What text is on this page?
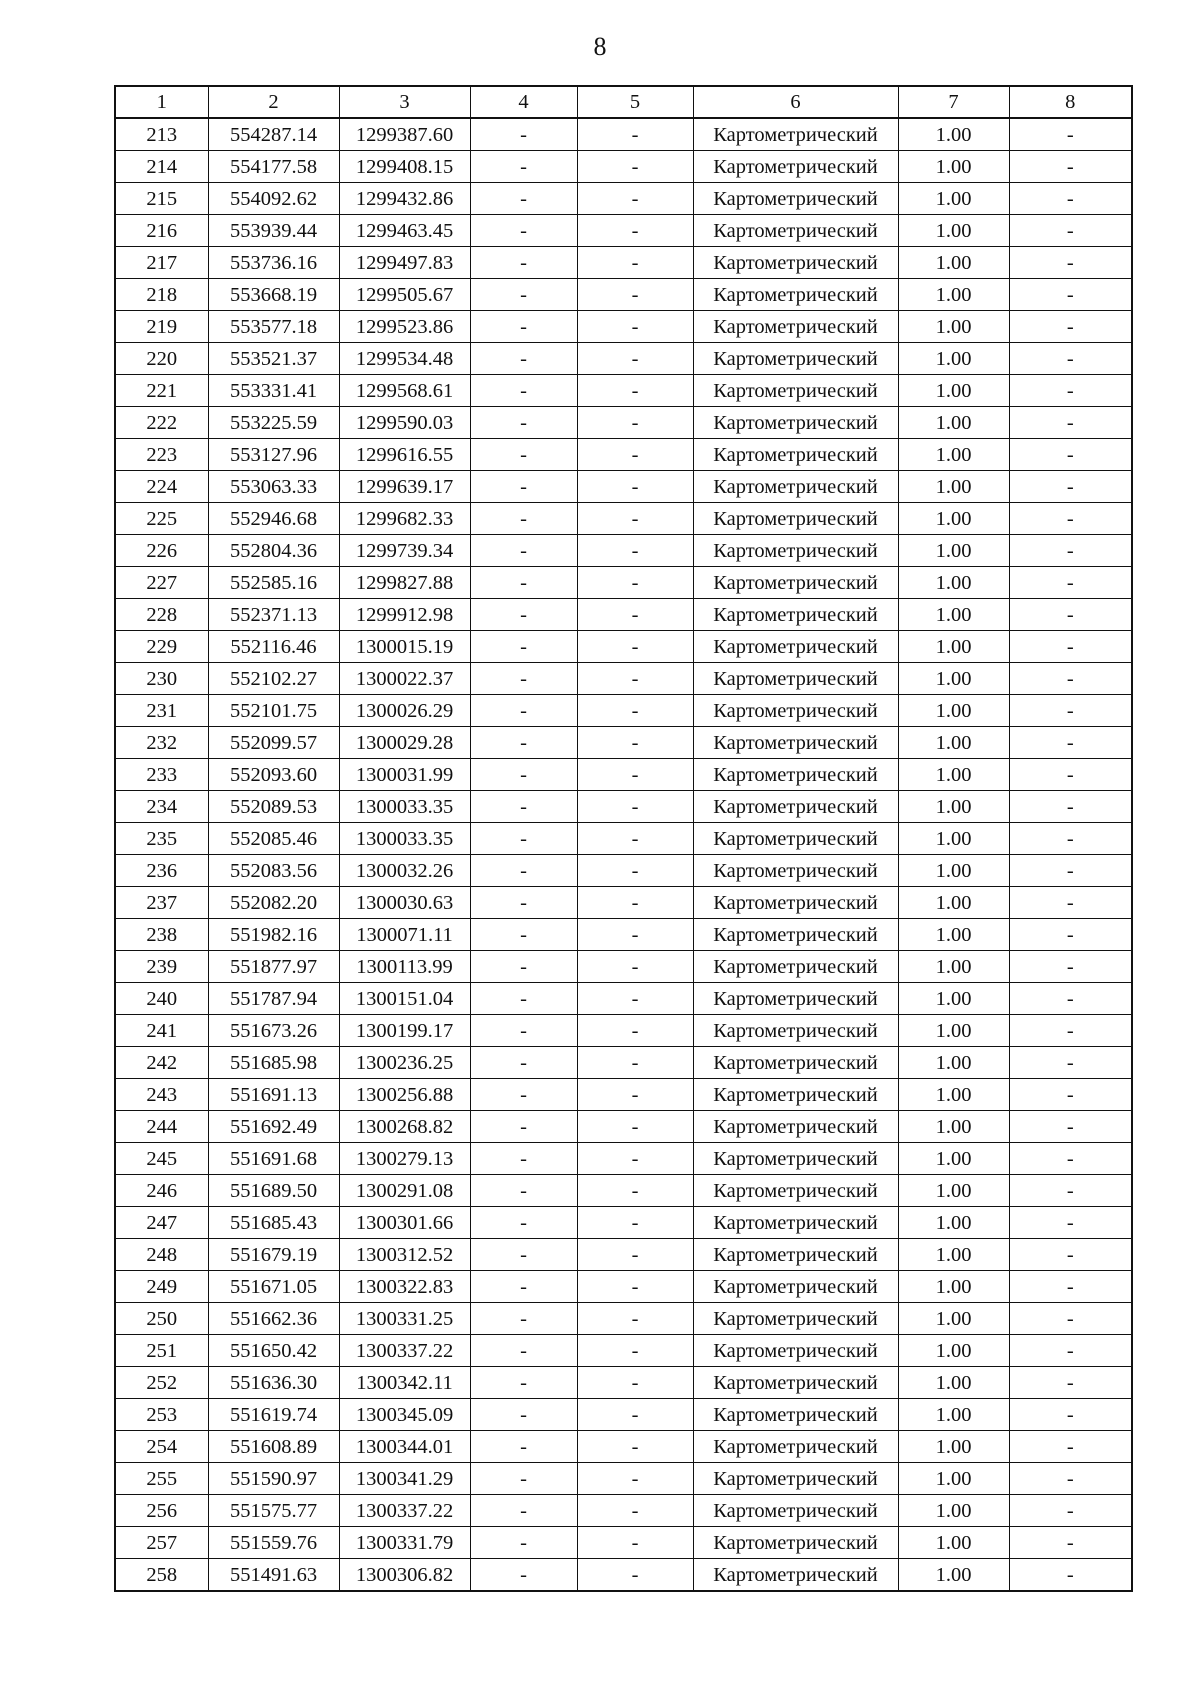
8
1	2	3	4	5	6	7	8
213	554287.14	1299387.60	-	-	Картометрический	1.00	-
214	554177.58	1299408.15	-	-	Картометрический	1.00	-
215	554092.62	1299432.86	-	-	Картометрический	1.00	-
216	553939.44	1299463.45	-	-	Картометрический	1.00	-
217	553736.16	1299497.83	-	-	Картометрический	1.00	-
218	553668.19	1299505.67	-	-	Картометрический	1.00	-
219	553577.18	1299523.86	-	-	Картометрический	1.00	-
220	553521.37	1299534.48	-	-	Картометрический	1.00	-
221	553331.41	1299568.61	-	-	Картометрический	1.00	-
222	553225.59	1299590.03	-	-	Картометрический	1.00	-
223	553127.96	1299616.55	-	-	Картометрический	1.00	-
224	553063.33	1299639.17	-	-	Картометрический	1.00	-
225	552946.68	1299682.33	-	-	Картометрический	1.00	-
226	552804.36	1299739.34	-	-	Картометрический	1.00	-
227	552585.16	1299827.88	-	-	Картометрический	1.00	-
228	552371.13	1299912.98	-	-	Картометрический	1.00	-
229	552116.46	1300015.19	-	-	Картометрический	1.00	-
230	552102.27	1300022.37	-	-	Картометрический	1.00	-
231	552101.75	1300026.29	-	-	Картометрический	1.00	-
232	552099.57	1300029.28	-	-	Картометрический	1.00	-
233	552093.60	1300031.99	-	-	Картометрический	1.00	-
234	552089.53	1300033.35	-	-	Картометрический	1.00	-
235	552085.46	1300033.35	-	-	Картометрический	1.00	-
236	552083.56	1300032.26	-	-	Картометрический	1.00	-
237	552082.20	1300030.63	-	-	Картометрический	1.00	-
238	551982.16	1300071.11	-	-	Картометрический	1.00	-
239	551877.97	1300113.99	-	-	Картометрический	1.00	-
240	551787.94	1300151.04	-	-	Картометрический	1.00	-
241	551673.26	1300199.17	-	-	Картометрический	1.00	-
242	551685.98	1300236.25	-	-	Картометрический	1.00	-
243	551691.13	1300256.88	-	-	Картометрический	1.00	-
244	551692.49	1300268.82	-	-	Картометрический	1.00	-
245	551691.68	1300279.13	-	-	Картометрический	1.00	-
246	551689.50	1300291.08	-	-	Картометрический	1.00	-
247	551685.43	1300301.66	-	-	Картометрический	1.00	-
248	551679.19	1300312.52	-	-	Картометрический	1.00	-
249	551671.05	1300322.83	-	-	Картометрический	1.00	-
250	551662.36	1300331.25	-	-	Картометрический	1.00	-
251	551650.42	1300337.22	-	-	Картометрический	1.00	-
252	551636.30	1300342.11	-	-	Картометрический	1.00	-
253	551619.74	1300345.09	-	-	Картометрический	1.00	-
254	551608.89	1300344.01	-	-	Картометрический	1.00	-
255	551590.97	1300341.29	-	-	Картометрический	1.00	-
256	551575.77	1300337.22	-	-	Картометрический	1.00	-
257	551559.76	1300331.79	-	-	Картометрический	1.00	-
258	551491.63	1300306.82	-	-	Картометрический	1.00	-
